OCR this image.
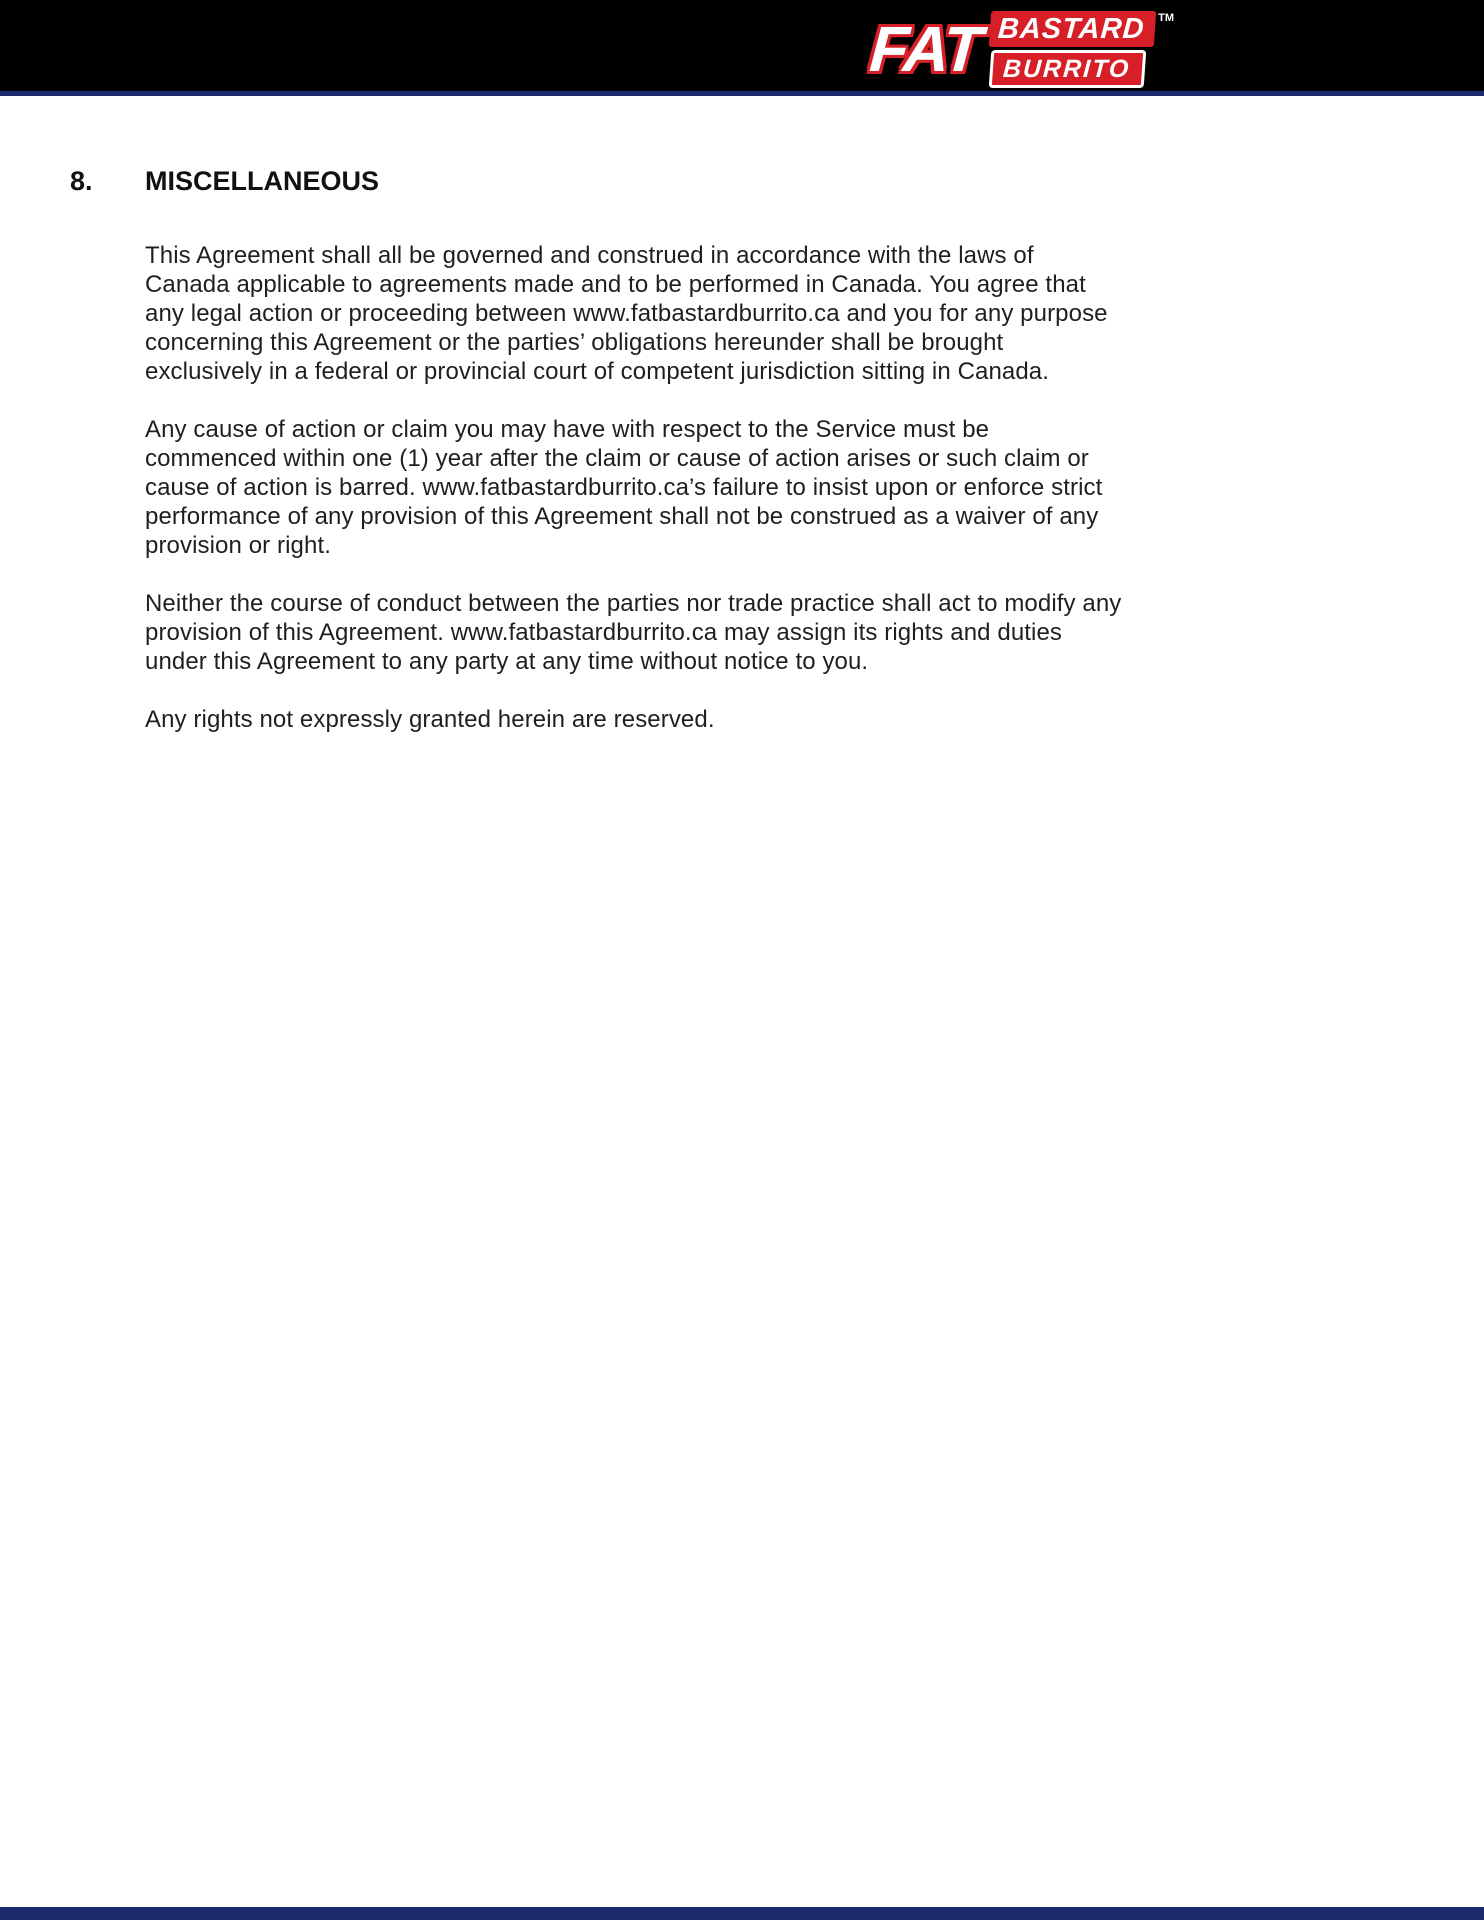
FAT BASTARD
BURRITO
TM
8.	MISCELLANEOUS

This Agreement shall all be governed and construed in accordance with the laws of Canada applicable to agreements made and to be performed in Canada. You agree that any legal action or proceeding between www.fatbastardburrito.ca and you for any purpose concerning this Agreement or the parties’ obligations hereunder shall be brought exclusively in a federal or provincial court of competent jurisdiction sitting in Canada.

Any cause of action or claim you may have with respect to the Service must be commenced within one (1) year after the claim or cause of action arises or such claim or cause of action is barred. www.fatbastardburrito.ca’s failure to insist upon or enforce strict performance of any provision of this Agreement shall not be construed as a waiver of any provision or right.

Neither the course of conduct between the parties nor trade practice shall act to modify any provision of this Agreement. www.fatbastardburrito.ca may assign its rights and duties under this Agreement to any party at any time without notice to you.

Any rights not expressly granted herein are reserved.
